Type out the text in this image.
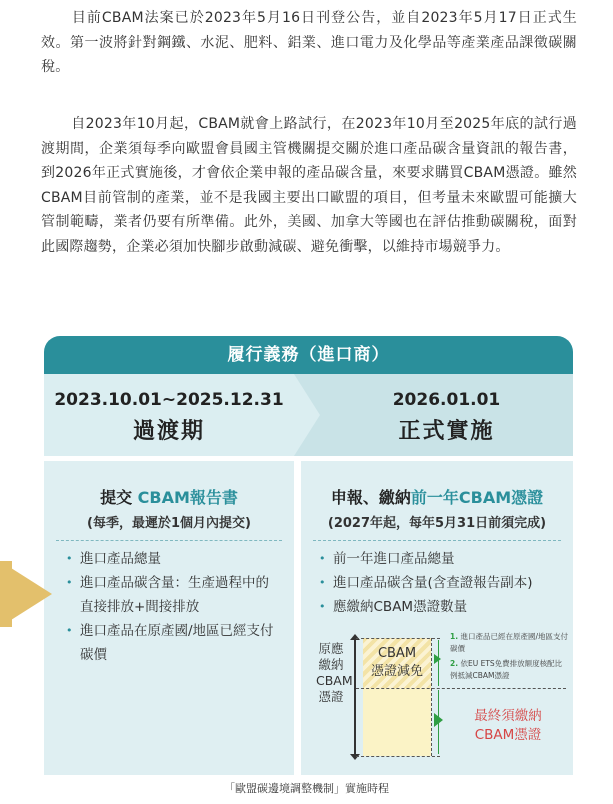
目前CBAM法案已於2023年5月16日刊登公告，並自2023年5月17日正式生效。第一波將針對鋼鐵、水泥、肥料、鋁業、進口電力及化學品等產業產品課徵碳關稅。

自2023年10月起，CBAM就會上路試行，在2023年10月至2025年底的試行過渡期間，企業須每季向歐盟會員國主管機關提交關於進口產品碳含量資訊的報告書，到2026年正式實施後，才會依企業申報的產品碳含量，來要求購買CBAM憑證。雖然CBAM目前管制的產業，並不是我國主要出口歐盟的項目，但考量未來歐盟可能擴大管制範疇，業者仍要有所準備。此外，美國、加拿大等國也在評估推動碳關稅，面對此國際趨勢，企業必須加快腳步啟動減碳、避免衝擊，以維持市場競爭力。

履行義務（進口商）
2023.10.01~2025.12.31
過渡期
2026.01.01
正式實施
提交 CBAM報告書
(每季，最遲於1個月內提交)
• 進口產品總量
• 進口產品碳含量：生產過程中的直接排放+間接排放
• 進口產品在原產國/地區已經支付碳價
申報、繳納前一年CBAM憑證
(2027年起，每年5月31日前須完成)
• 前一年進口產品總量
• 進口產品碳含量(含查證報告副本)
• 應繳納CBAM憑證數量
原應繳納CBAM憑證
CBAM
憑證減免
1. 進口產品已經在原產國/地區支付碳價
2. 依EU ETS免費排放額度核配比例抵減CBAM憑證
最終須繳納
CBAM憑證
「歐盟碳邊境調整機制」實施時程
